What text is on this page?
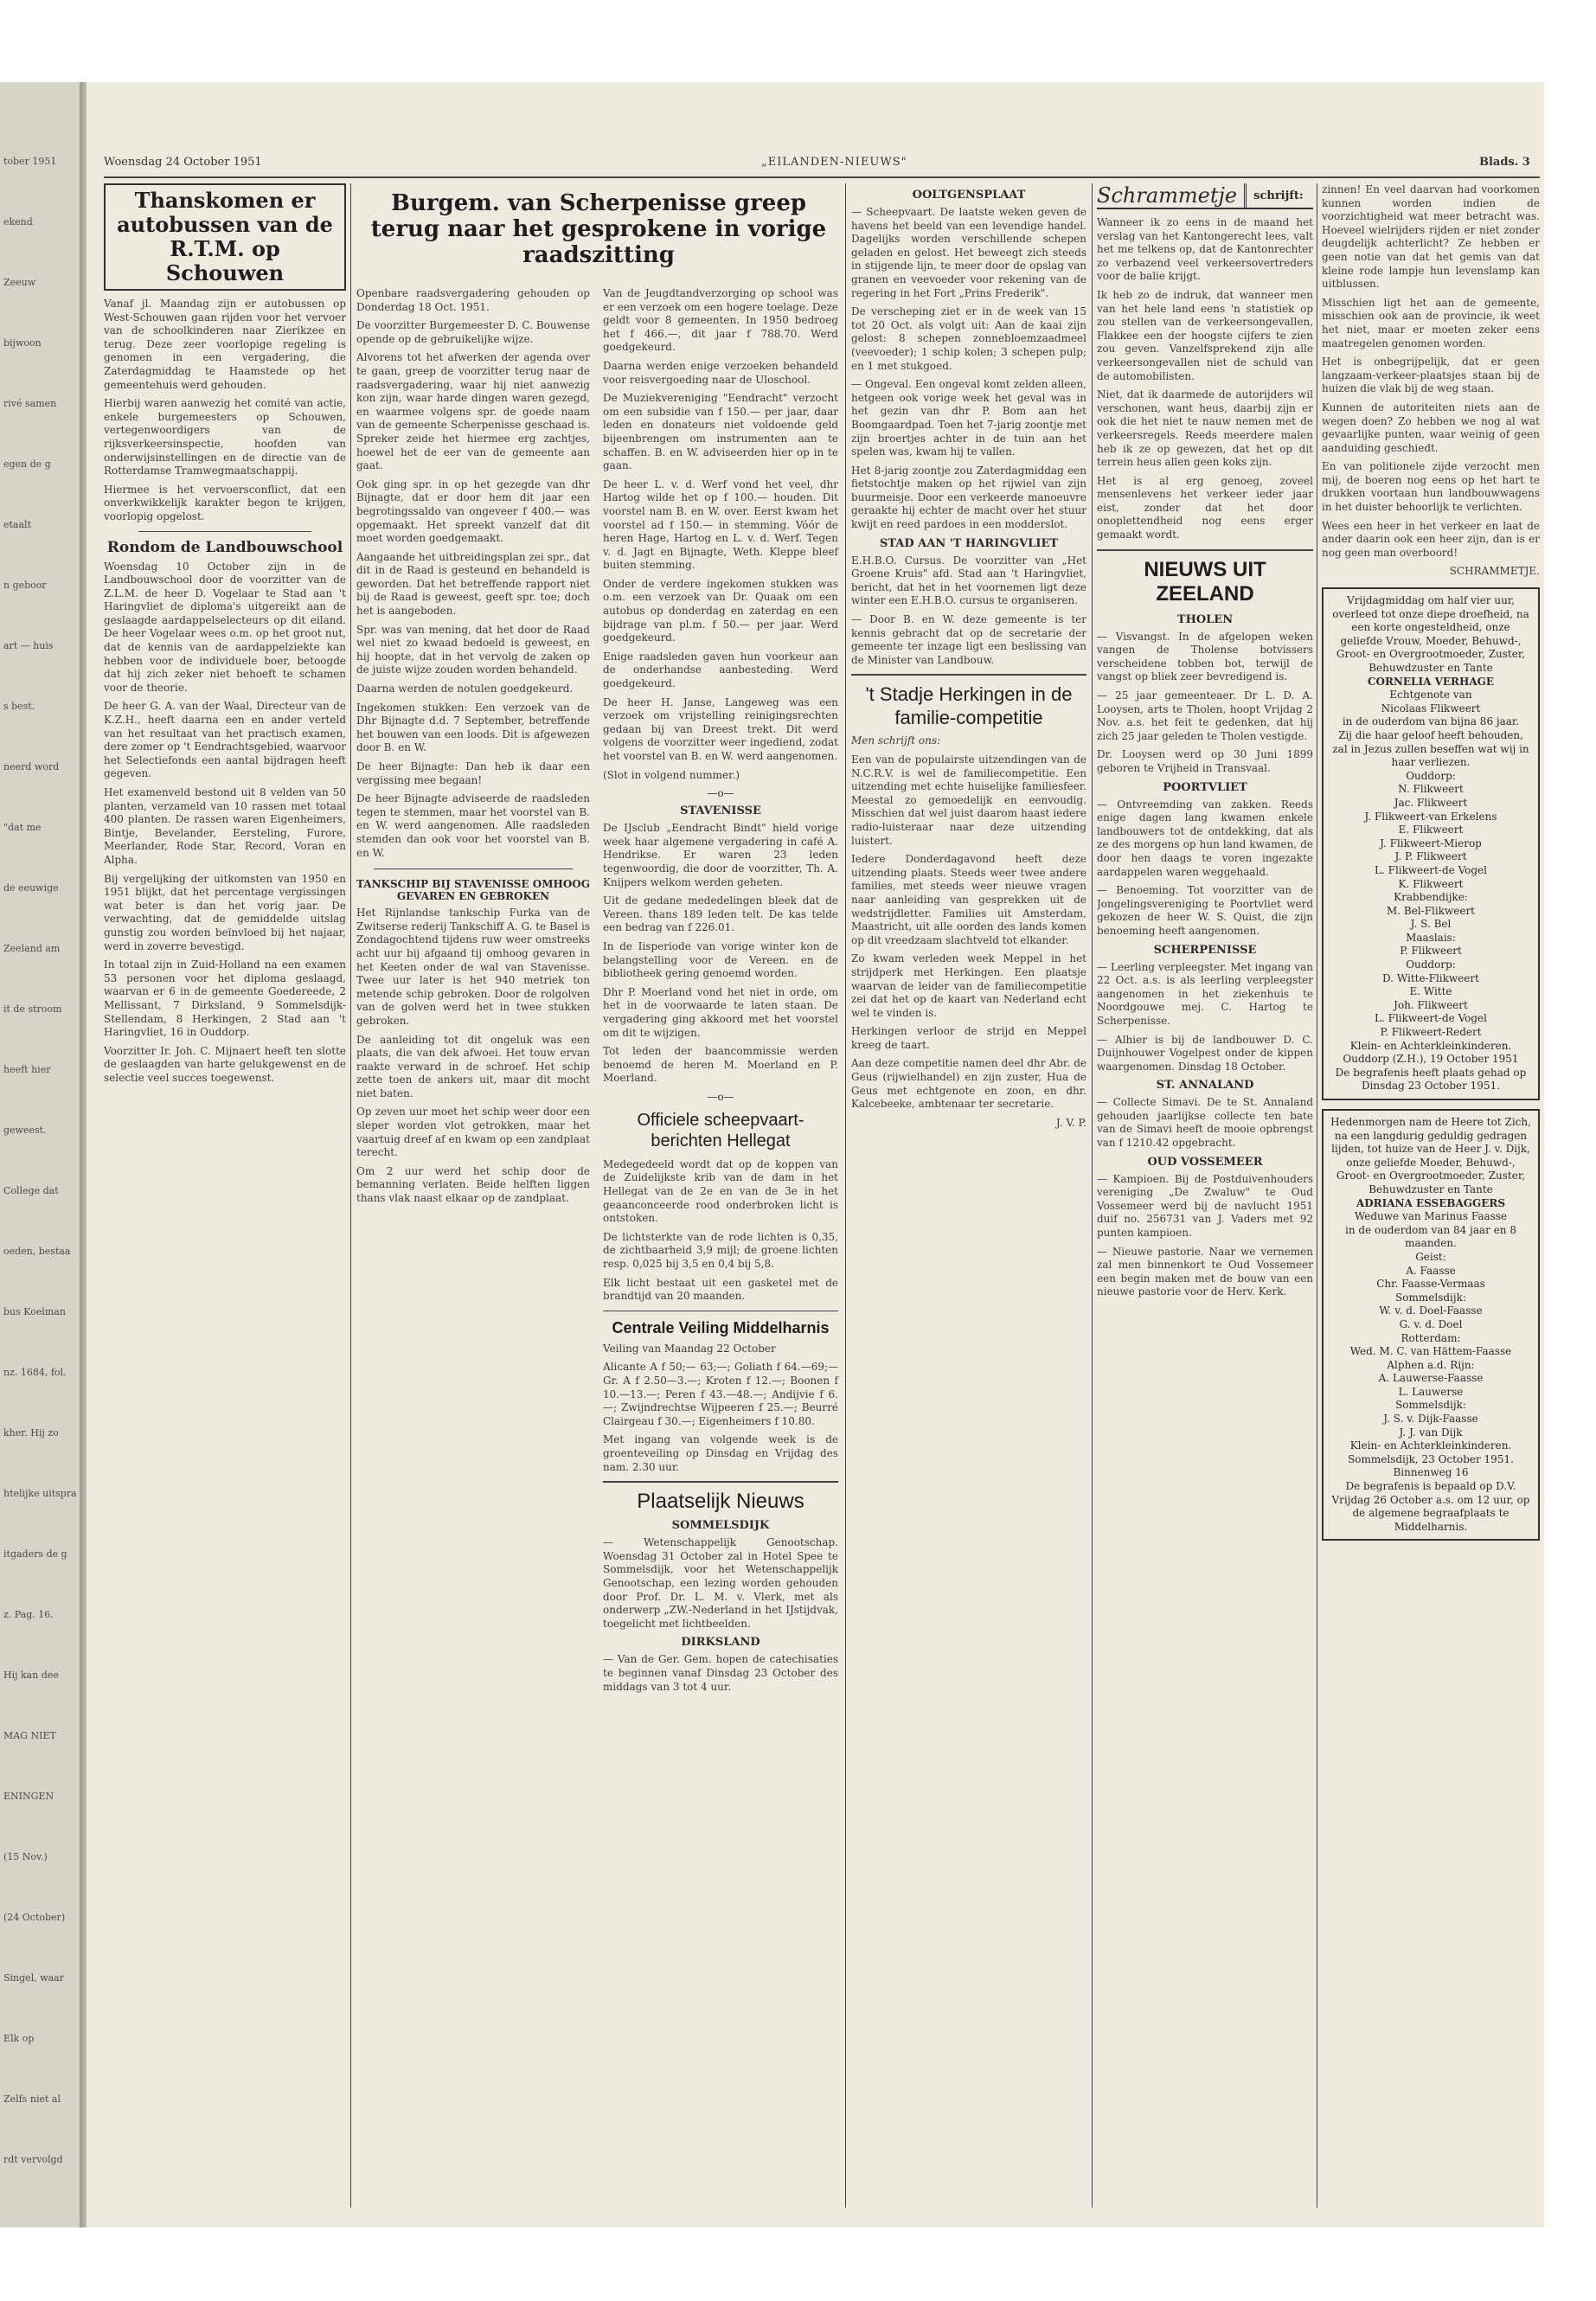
tober 1951
ekend
Zeeuw
bijwoon
rivé samen
egen de g
etaalt
n geboor
art — huis
s best.
neerd word
"dat me
de eeuwige
Zeeland am
it de stroom
heeft hier
geweest.
College dat
oeden, bestaa
bus Koelman
nz. 1684, fol.
kher. Hij zo
htelijke uitspra
itgaders de g
z. Pag. 16.
Hij kan dee
MAG NIET
ENINGEN
(15 Nov.)
(24 October)
Singel, waar
Elk op
Zelfs niet al
rdt vervolgd
Woensdag 24 October 1951	„EILANDEN-NIEUWS"	Blads. 3

Thanskomen er autobussen van de R.T.M. op Schouwen

Vanaf jl. Maandag zijn er autobussen op West-Schouwen gaan rijden voor het vervoer van de schoolkinderen naar Zierikzee en terug. Deze zeer voorlopige regeling is genomen in een vergadering, die Zaterdagmiddag te Haamstede op het gemeentehuis werd gehouden.

Hierbij waren aanwezig het comité van actie, enkele burgemeesters op Schouwen, vertegenwoordigers van de rijksverkeersinspectie, hoofden van onderwijsinstellingen en de directie van de Rotterdamse Tramwegmaatschappij.

Hiermee is het vervoersconflict, dat een onverkwikkelijk karakter begon te krijgen, voorlopig opgelost.

Rondom de Landbouwschool

Woensdag 10 October zijn in de Landbouwschool door de voorzitter van de Z.L.M. de heer D. Vogelaar te Stad aan 't Haringvliet de diploma's uitgereikt aan de geslaagde aardappelselecteurs op dit eiland. De heer Vogelaar wees o.m. op het groot nut, dat de kennis van de aardappelziekte kan hebben voor de individuele boer, betoogde dat hij zich zeker niet behoeft te schamen voor de theorie.

De heer G. A. van der Waal, Directeur van de K.Z.H., heeft daarna een en ander verteld van het resultaat van het practisch examen, dere zomer op 't Eendrachtsgebied, waarvoor het Selectiefonds een aantal bijdragen heeft gegeven.

Het examenveld bestond uit 8 velden van 50 planten, verzameld van 10 rassen met totaal 400 planten. De rassen waren Eigenheimers, Bintje, Bevelander, Eersteling, Furore, Meerlander, Rode Star, Record, Voran en Alpha.

Bij vergelijking der uitkomsten van 1950 en 1951 blijkt, dat het percentage vergissingen wat beter is dan het vorig jaar. De verwachting, dat de gemiddelde uitslag gunstig zou worden beïnvloed bij het najaar, werd in zoverre bevestigd.

In totaal zijn in Zuid-Holland na een examen 53 personen voor het diploma geslaagd, waarvan er 6 in de gemeente Goedereede, 2 Mellissant, 7 Dirksland, 9 Sommelsdijk-Stellendam, 8 Herkingen, 2 Stad aan 't Haringvliet, 16 in Ouddorp.

Voorzitter Ir. Joh. C. Mijnaert heeft ten slotte de geslaagden van harte gelukgewenst en de selectie veel succes toegewenst.

Burgem. van Scherpenisse greep terug naar het gesprokene in vorige raadszitting

Openbare raadsvergadering gehouden op Donderdag 18 Oct. 1951.

De voorzitter Burgemeester D. C. Bouwense opende op de gebruikelijke wijze.

Alvorens tot het afwerken der agenda over te gaan, greep de voorzitter terug naar de raadsvergadering, waar hij niet aanwezig kon zijn, waar harde dingen waren gezegd, en waarmee volgens spr. de goede naam van de gemeente Scherpenisse geschaad is. Spreker zeide het hiermee erg zachtjes, hoewel het de eer van de gemeente aan gaat.

Ook ging spr. in op het gezegde van dhr Bijnagte, dat er door hem dit jaar een begrotingssaldo van ongeveer f 400.— was opgemaakt. Het spreekt vanzelf dat dit moet worden goedgemaakt.

Aangaande het uitbreidingsplan zei spr., dat dit in de Raad is gesteund en behandeld is geworden. Dat het betreffende rapport niet bij de Raad is geweest, geeft spr. toe; doch het is aangeboden.

Spr. was van mening, dat het door de Raad wel niet zo kwaad bedoeld is geweest, en hij hoopte, dat in het vervolg de zaken op de juiste wijze zouden worden behandeld.

Daarna werden de notulen goedgekeurd.

Ingekomen stukken: Een verzoek van de Dhr Bijnagte d.d. 7 September, betreffende het bouwen van een loods. Dit is afgewezen door B. en W.

De heer Bijnagte: Dan heb ik daar een vergissing mee begaan!

De heer Bijnagte adviseerde de raadsleden tegen te stemmen, maar het voorstel van B. en W. werd aangenomen. Alle raadsleden stemden dan ook voor het voorstel van B. en W.

TANKSCHIP BIJ STAVENISSE OMHOOG GEVAREN EN GEBROKEN

Het Rijnlandse tankschip Furka van de Zwitserse rederij Tankschiff A. G. te Basel is Zondagochtend tijdens ruw weer omstreeks acht uur bij afgaand tij omhoog gevaren in het Keeten onder de wal van Stavenisse. Twee uur later is het 940 metriek ton metende schip gebroken. Door de rolgolven van de golven werd het in twee stukken gebroken.

De aanleiding tot dit ongeluk was een plaats, die van dek afwoei. Het touw ervan raakte verward in de schroef. Het schip zette toen de ankers uit, maar dit mocht niet baten.

Op zeven uur moet het schip weer door een sleper worden vlot getrokken, maar het vaartuig dreef af en kwam op een zandplaat terecht.

Om 2 uur werd het schip door de bemanning verlaten. Beide helften liggen thans vlak naast elkaar op de zandplaat.

Van de Jeugdtandverzorging op school was er een verzoek om een hogere toelage. Deze geldt voor 8 gemeenten. In 1950 bedroeg het f 466.—, dit jaar f 788.70. Werd goedgekeurd.

Daarna werden enige verzoeken behandeld voor reisvergoeding naar de Uloschool.

De Muziekvereniging "Eendracht" verzocht om een subsidie van f 150.— per jaar, daar leden en donateurs niet voldoende geld bijeenbrengen om instrumenten aan te schaffen. B. en W. adviseerden hier op in te gaan.

De heer L. v. d. Werf vond het veel, dhr Hartog wilde het op f 100.— houden. Dit voorstel nam B. en W. over. Eerst kwam het voorstel ad f 150.— in stemming. Vóór de heren Hage, Hartog en L. v. d. Werf. Tegen v. d. Jagt en Bijnagte, Weth. Kleppe bleef buiten stemming.

Onder de verdere ingekomen stukken was o.m. een verzoek van Dr. Quaak om een autobus op donderdag en zaterdag en een bijdrage van pl.m. f 50.— per jaar. Werd goedgekeurd.

Enige raadsleden gaven hun voorkeur aan de onderhandse aanbesteding. Werd goedgekeurd.

De heer H. Janse, Langeweg was een verzoek om vrijstelling reinigingsrechten gedaan bij van Dreest trekt. Dit werd volgens de voorzitter weer ingediend, zodat het voorstel van B. en W. werd aangenomen.

(Slot in volgend nummer.)

—o—

STAVENISSE

De IJsclub „Eendracht Bindt" hield vorige week haar algemene vergadering in café A. Hendrikse. Er waren 23 leden tegenwoordig, die door de voorzitter, Th. A. Knijpers welkom werden geheten.

Uit de gedane mededelingen bleek dat de Vereen. thans 189 leden telt. De kas telde een bedrag van f 226.01.

In de Iisperiode van vorige winter kon de belangstelling voor de Vereen. en de bibliotheek gering genoemd worden.

Dhr P. Moerland vond het niet in orde, om het in de voorwaarde te laten staan. De vergadering ging akkoord met het voorstel om dit te wijzigen.

Tot leden der baancommissie werden benoemd de heren M. Moerland en P. Moerland.

—o—

Officiele scheepvaart-berichten Hellegat

Medegedeeld wordt dat op de koppen van de Zuidelijkste krib van de dam in het Hellegat van de 2e en van de 3e in het geaanconceerde rood onderbroken licht is ontstoken.

De lichtsterkte van de rode lichten is 0,35, de zichtbaarheid 3,9 mijl; de groene lichten resp. 0,025 bij 3,5 en 0,4 bij 5,8.

Elk licht bestaat uit een gasketel met de brandtijd van 20 maanden.

Centrale Veiling Middelharnis

Veiling van Maandag 22 October

Alicante A f 50;— 63;—; Goliath f 64.—69;— Gr. A f 2.50—3.—; Kroten f 12.—; Boonen f 10.—13.—; Peren f 43.—48.—; Andijvie f 6.—; Zwijndrechtse Wijpeeren f 25.—; Beurré Clairgeau f 30.—; Eigenheimers f 10.80.

Met ingang van volgende week is de groenteveiling op Dinsdag en Vrijdag des nam. 2.30 uur.

Plaatselijk Nieuws

SOMMELSDIJK

— Wetenschappelijk Genootschap. Woensdag 31 October zal in Hotel Spee te Sommelsdijk, voor het Wetenschappelijk Genootschap, een lezing worden gehouden door Prof. Dr. L. M. v. Vlerk, met als onderwerp „ZW.-Nederland in het IJstijdvak, toegelicht met lichtbeelden.

DIRKSLAND

— Van de Ger. Gem. hopen de catechisaties te beginnen vanaf Dinsdag 23 October des middags van 3 tot 4 uur.

OOLTGENSPLAAT

— Scheepvaart. De laatste weken geven de havens het beeld van een levendige handel. Dagelijks worden verschillende schepen geladen en gelost. Het beweegt zich steeds in stijgende lijn, te meer door de opslag van granen en veevoeder voor rekening van de regering in het Fort „Prins Frederik".

De verscheping ziet er in de week van 15 tot 20 Oct. als volgt uit: Aan de kaai zijn gelost: 8 schepen zonnebloemzaadmeel (veevoeder); 1 schip kolen; 3 schepen pulp; en 1 met stukgoed.

— Ongeval. Een ongeval komt zelden alleen, hetgeen ook vorige week het geval was in het gezin van dhr P. Bom aan het Boomgaardpad. Toen het 7-jarig zoontje met zijn broertjes achter in de tuin aan het spelen was, kwam hij te vallen.

Het 8-jarig zoontje zou Zaterdagmiddag een fietstochtje maken op het rijwiel van zijn buurmeisje. Door een verkeerde manoeuvre geraakte hij echter de macht over het stuur kwijt en reed pardoes in een modderslot.

STAD AAN 'T HARINGVLIET

E.H.B.O. Cursus. De voorzitter van „Het Groene Kruis" afd. Stad aan 't Haringvliet, bericht, dat het in het voornemen ligt deze winter een E.H.B.O. cursus te organiseren.

— Door B. en W. deze gemeente is ter kennis gebracht dat op de secretarie der gemeente ter inzage ligt een beslissing van de Minister van Landbouw.

't Stadje Herkingen in de familie-competitie

Men schrijft ons:

Een van de populairste uitzendingen van de N.C.R.V. is wel de familiecompetitie. Een uitzending met echte huiselijke familiesfeer. Meestal zo gemoedelijk en eenvoudig. Misschien dat wel juist daarom haast iedere radio-luisteraar naar deze uitzending luistert.

Iedere Donderdagavond heeft deze uitzending plaats. Steeds weer twee andere families, met steeds weer nieuwe vragen naar aanleiding van gesprekken uit de wedstrijdletter. Families uit Amsterdam, Maastricht, uit alle oorden des lands komen op dit vreedzaam slachtveld tot elkander.

Zo kwam verleden week Meppel in het strijdperk met Herkingen. Een plaatsje waarvan de leider van de familiecompetitie zei dat het op de kaart van Nederland echt wel te vinden is.

Herkingen verloor de strijd en Meppel kreeg de taart.

Aan deze competitie namen deel dhr Abr. de Geus (rijwielhandel) en zijn zuster, Hua de Geus met echtgenote en zoon, en dhr. Kalcebeeke, ambtenaar ter secretarie.

J. V. P.

Schrammetje	schrijft:

Wanneer ik zo eens in de maand het verslag van het Kantongerecht lees, valt het me telkens op, dat de Kantonrechter zo verbazend veel verkeersovertreders voor de balie krijgt.

Ik heb zo de indruk, dat wanneer men van het hele land eens 'n statistiek op zou stellen van de verkeersongevallen, Flakkee een der hoogste cijfers te zien zou geven. Vanzelfsprekend zijn alle verkeersongevallen niet de schuld van de automobilisten.

Niet, dat ik daarmede de autorijders wil verschonen, want heus, daarbij zijn er ook die het niet te nauw nemen met de verkeersregels. Reeds meerdere malen heb ik ze op gewezen, dat het op dit terrein heus allen geen koks zijn.

Het is al erg genoeg, zoveel mensenlevens het verkeer ieder jaar eist, zonder dat het door onoplettendheid nog eens erger gemaakt wordt.

NIEUWS UIT ZEELAND

THOLEN

— Visvangst. In de afgelopen weken vangen de Tholense botvissers verscheidene tobben bot, terwijl de vangst op bliek zeer bevredigend is.

— 25 jaar gemeenteaer. Dr L. D. A. Looysen, arts te Tholen, hoopt Vrijdag 2 Nov. a.s. het feit te gedenken, dat hij zich 25 jaar geleden te Tholen vestigde.

Dr. Looysen werd op 30 Juni 1899 geboren te Vrijheid in Transvaal.

POORTVLIET

— Ontvreemding van zakken. Reeds enige dagen lang kwamen enkele landbouwers tot de ontdekking, dat als ze des morgens op hun land kwamen, de door hen daags te voren ingezakte aardappelen waren weggehaald.

— Benoeming. Tot voorzitter van de Jongelingsvereniging te Poortvliet werd gekozen de heer W. S. Quist, die zijn benoeming heeft aangenomen.

SCHERPENISSE

— Leerling verpleegster. Met ingang van 22 Oct. a.s. is als leerling verpleegster aangenomen in het ziekenhuis te Noordgouwe mej. C. Hartog te Scherpenisse.

— Alhier is bij de landbouwer D. C. Duijnhouwer Vogelpest onder de kippen waargenomen. Dinsdag 18 October.

ST. ANNALAND

— Collecte Simavi. De te St. Annaland gehouden jaarlijkse collecte ten bate van de Simavi heeft de mooie opbrengst van f 1210.42 opgebracht.

OUD VOSSEMEER

— Kampioen. Bij de Postduivenhouders vereniging „De Zwaluw" te Oud Vossemeer werd bij de navlucht 1951 duif no. 256731 van J. Vaders met 92 punten kampioen.

— Nieuwe pastorie. Naar we vernemen zal men binnenkort te Oud Vossemeer een begin maken met de bouw van een nieuwe pastorie voor de Herv. Kerk.

zinnen! En veel daarvan had voorkomen kunnen worden indien de voorzichtigheid wat meer betracht was. Hoeveel wielrijders rijden er niet zonder deugdelijk achterlicht? Ze hebben er geen notie van dat het gemis van dat kleine rode lampje hun levenslamp kan uitblussen.

Misschien ligt het aan de gemeente, misschien ook aan de provincie, ik weet het niet, maar er moeten zeker eens maatregelen genomen worden.

Het is onbegrijpelijk, dat er geen langzaam-verkeer-plaatsjes staan bij de huizen die vlak bij de weg staan.

Kunnen de autoriteiten niets aan de wegen doen? Zo hebben we nog al wat gevaarlijke punten, waar weinig of geen aanduiding geschiedt.

En van politionele zijde verzocht men mij, de boeren nog eens op het hart te drukken voortaan hun landbouwwagens in het duister behoorlijk te verlichten.

Wees een heer in het verkeer en laat de ander daarin ook een heer zijn, dan is er nog geen man overboord!

SCHRAMMETJE.

Vrijdagmiddag om half vier uur, overleed tot onze diepe droefheid, na een korte ongesteldheid, onze geliefde Vrouw, Moeder, Behuwd-, Groot- en Overgrootmoeder, Zuster, Behuwdzuster en Tante
CORNELIA VERHAGE
Echtgenote van
Nicolaas Flikweert
in de ouderdom van bijna 86 jaar.
Zij die haar geloof heeft behouden, zal in Jezus zullen beseffen wat wij in haar verliezen.
Ouddorp:
N. Flikweert
Jac. Flikweert
J. Flikweert-van Erkelens
E. Flikweert
J. Flikweert-Mierop
J. P. Flikweert
L. Flikweert-de Vogel
K. Flikweert
Krabbendijke:
M. Bel-Flikweert
J. S. Bel
Maaslais:
P. Flikweert
Ouddorp:
D. Witte-Flikweert
E. Witte
Joh. Flikweert
L. Flikweert-de Vogel
P. Flikweert-Redert
Klein- en Achterkleinkinderen.
Ouddorp (Z.H.), 19 October 1951
De begrafenis heeft plaats gehad op Dinsdag 23 October 1951.
Hedenmorgen nam de Heere tot Zich, na een langdurig geduldig gedragen lijden, tot huize van de Heer J. v. Dijk, onze geliefde Moeder, Behuwd-, Groot- en Overgrootmoeder, Zuster, Behuwdzuster en Tante
ADRIANA ESSEBAGGERS
Weduwe van Marinus Faasse
in de ouderdom van 84 jaar en 8 maanden.
Geist:
A. Faasse
Chr. Faasse-Vermaas
Sommelsdijk:
W. v. d. Doel-Faasse
G. v. d. Doel
Rotterdam:
Wed. M. C. van Hättem-Faasse
Alphen a.d. Rijn:
A. Lauwerse-Faasse
L. Lauwerse
Sommelsdijk:
J. S. v. Dijk-Faasse
J. J. van Dijk
Klein- en Achterkleinkinderen.
Sommelsdijk, 23 October 1951.
Binnenweg 16
De begrafenis is bepaald op D.V. Vrijdag 26 October a.s. om 12 uur, op de algemene begraafplaats te Middelharnis.
